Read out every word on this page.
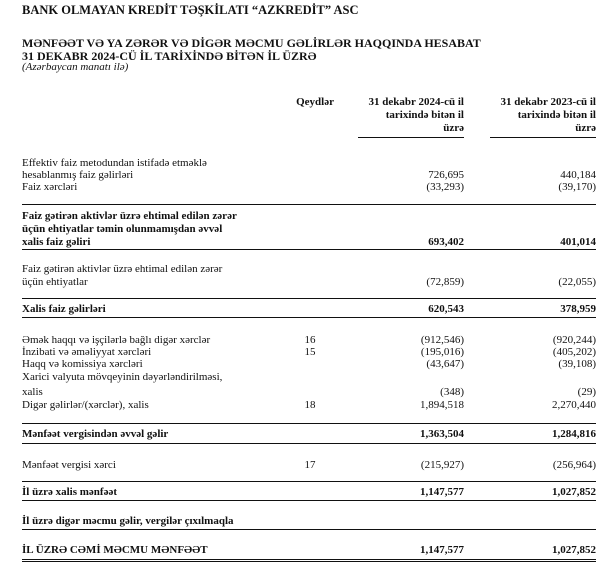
BANK OLMAYAN KREDİT TƏŞKİLATI “AZKREDİT” ASC
MƏNFƏƏT VƏ YA ZƏRƏR VƏ DİGƏR MƏCMU GƏLİRLƏR HAQQINDA HESABAT
31 DEKABR 2024-CÜ İL TARİXİNDƏ BİTƏN İL ÜZRƏ
(Azərbaycan manatı ilə)
Qeydlər	31 dekabr 2024-cü il
tarixində bitən il
üzrə
31 dekabr 2023-cü il
tarixində bitən il
üzrə
Effektiv faiz metodundan istifadə etməklə
hesablanmış faiz gəlirləri	726,695	440,184
Faiz xərcləri	(33,293)	(39,170)
Faiz gətirən aktivlər üzrə ehtimal edilən zərər
üçün ehtiyatlar təmin olunmamışdan əvvəl
xalis faiz gəliri	693,402	401,014
Faiz gətirən aktivlər üzrə ehtimal edilən zərər
üçün ehtiyatlar	(72,859)	(22,055)
Xalis faiz gəlirləri	620,543	378,959
Əmək haqqı və işçilərlə bağlı digər xərclər	16	(912,546)	(920,244)
İnzibati və əməliyyat xərcləri	15	(195,016)	(405,202)
Haqq və komissiya xərcləri	(43,647)	(39,108)
Xarici valyuta mövqeyinin dəyərləndirilməsi,
xalis	(348)	(29)
Digər gəlirlər/(xərclər), xalis	18	1,894,518	2,270,440
Mənfəət vergisindən əvvəl gəlir	1,363,504	1,284,816
Mənfəət vergisi xərci	17	(215,927)	(256,964)
İl üzrə xalis mənfəət	1,147,577	1,027,852
İl üzrə digər məcmu gəlir, vergilər çıxılmaqla
İL ÜZRƏ CƏMİ MƏCMU MƏNFƏƏT	1,147,577	1,027,852
